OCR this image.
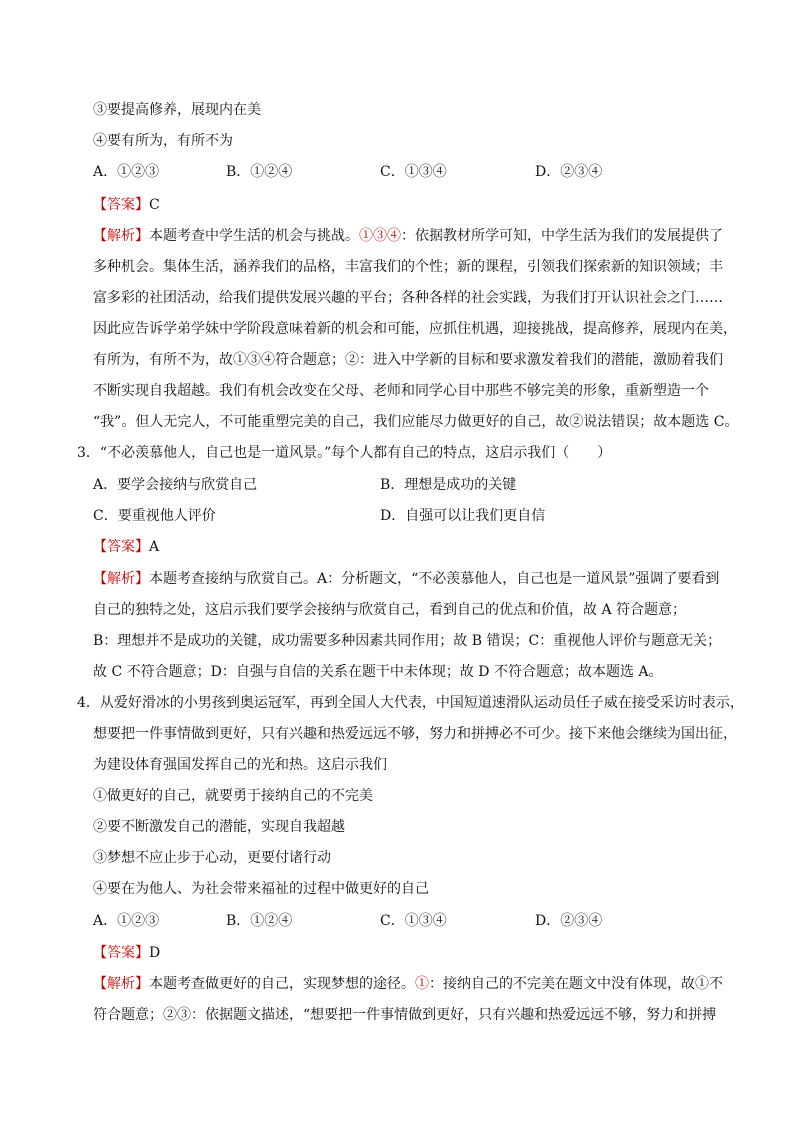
③要提高修养，展现内在美
④要有所为，有所不为
A．①②③	B．①②④	C．①③④	D．②③④
【答案】C
【解析】本题考查中学生活的机会与挑战。①③④：依据教材所学可知，中学生活为我们的发展提供了
多种机会。集体生活，涵养我们的品格，丰富我们的个性；新的课程，引领我们探索新的知识领域；丰
富多彩的社团活动，给我们提供发展兴趣的平台；各种各样的社会实践，为我们打开认识社会之门……
因此应告诉学弟学妹中学阶段意味着新的机会和可能，应抓住机遇，迎接挑战，提高修养，展现内在美，
有所为，有所不为，故①③④符合题意；②：进入中学新的目标和要求激发着我们的潜能，激励着我们
不断实现自我超越。我们有机会改变在父母、老师和同学心目中那些不够完美的形象，重新塑造一个
“我”。但人无完人，不可能重塑完美的自己，我们应能尽力做更好的自己，故②说法错误；故本题选 C。
3．“不必羡慕他人，自己也是一道风景。”每个人都有自己的特点，这启示我们（　　）
A．要学会接纳与欣赏自己	B．理想是成功的关键
C．要重视他人评价	D．自强可以让我们更自信
【答案】A
【解析】本题考查接纳与欣赏自己。A：分析题文，“不必羡慕他人，自己也是一道风景”强调了要看到
自己的独特之处，这启示我们要学会接纳与欣赏自己，看到自己的优点和价值，故 A 符合题意；
B：理想并不是成功的关键，成功需要多种因素共同作用；故 B 错误；C：重视他人评价与题意无关；
故 C 不符合题意；D：自强与自信的关系在题干中未体现；故 D 不符合题意；故本题选 A。
4．从爱好滑冰的小男孩到奥运冠军，再到全国人大代表，中国短道速滑队运动员任子威在接受采访时表示，
想要把一件事情做到更好，只有兴趣和热爱远远不够，努力和拼搏必不可少。接下来他会继续为国出征，
为建设体育强国发挥自己的光和热。这启示我们
①做更好的自己，就要勇于接纳自己的不完美
②要不断激发自己的潜能，实现自我超越
③梦想不应止步于心动，更要付诸行动
④要在为他人、为社会带来福祉的过程中做更好的自己
A．①②③	B．①②④	C．①③④	D．②③④
【答案】D
【解析】本题考查做更好的自己，实现梦想的途径。①：接纳自己的不完美在题文中没有体现，故①不
符合题意；②③：依据题文描述，“想要把一件事情做到更好，只有兴趣和热爱远远不够，努力和拼搏
